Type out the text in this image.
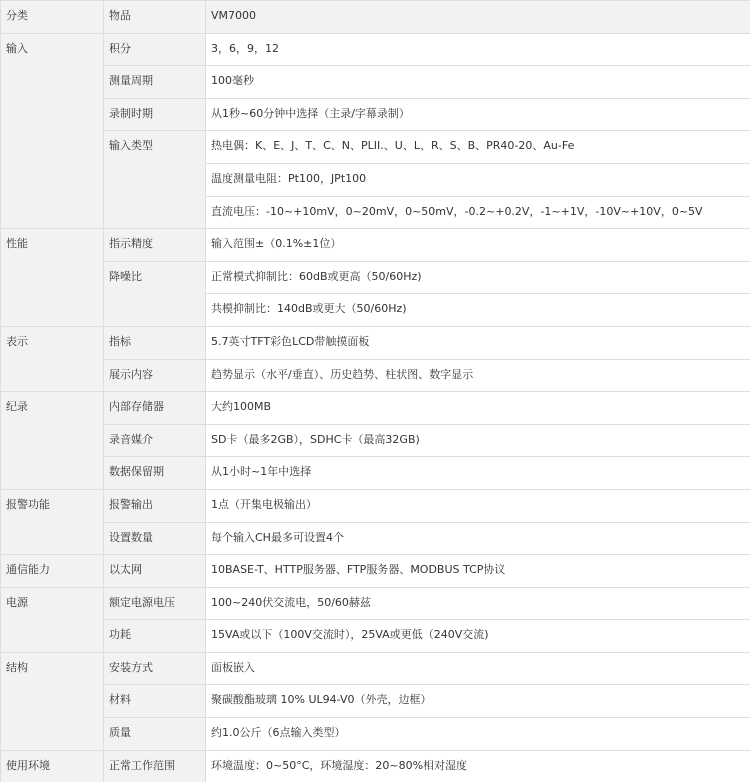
分类	物品	VM7000
输入	积分	3，6，9，12
	测量周期	100毫秒
	录制时期	从1秒~60分钟中选择（主录/字幕录制）
	输入类型	热电偶：K、E、J、T、C、N、PLII.、U、L、R、S、B、PR40-20、Au-Fe
		温度测量电阻：Pt100，JPt100
		直流电压：-10~+10mV，0~20mV，0~50mV，-0.2~+0.2V，-1~+1V，-10V~+10V，0~5V
性能	指示精度	输入范围±（0.1%±1位）
	降噪比	正常模式抑制比：60dB或更高（50/60Hz)
		共模抑制比：140dB或更大（50/60Hz)
表示	指标	5.7英寸TFT彩色LCD带触摸面板
	展示内容	趋势显示（水平/垂直）、历史趋势、柱状图、数字显示
纪录	内部存储器	大约100MB
	录音媒介	SD卡（最多2GB），SDHC卡（最高32GB)
	数据保留期	从1小时~1年中选择
报警功能	报警输出	1点（开集电极输出）
	设置数量	每个输入CH最多可设置4个
通信能力	以太网	10BASE-T、HTTP服务器、FTP服务器、MODBUS TCP协议
电源	额定电源电压	100~240伏交流电，50/60赫兹
	功耗	15VA或以下（100V交流时），25VA或更低（240V交流)
结构	安装方式	面板嵌入
	材料	聚碳酸酯玻璃 10% UL94-V0（外壳，边框）
	质量	约1.0公斤（6点输入类型）
使用环境	正常工作范围	环境温度：0~50°C，环境湿度：20~80%相对湿度
